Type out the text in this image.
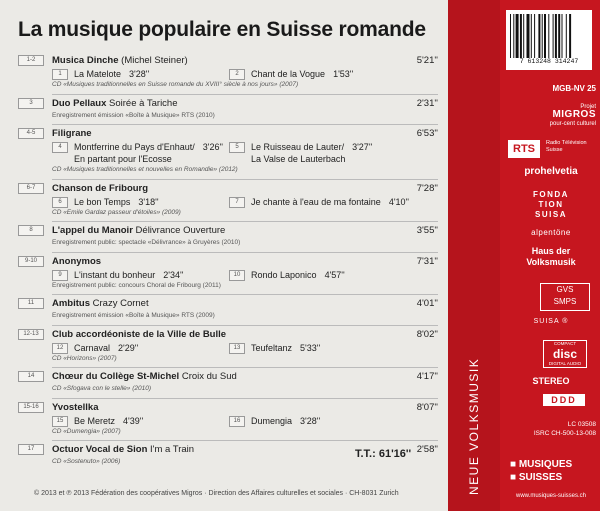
La musique populaire en Suisse romande
1-2	Musica Dinche (Michel Steiner)	5'21''
1	La Matelote 3'28''	2	Chant de la Vogue 1'53''
CD «Musiques traditionnelles en Suisse romande du XVIII° siècle à nos jours» (2007)
3	Duo Pellaux Soirée à Tariche	2'31''
Enregistrement émission «Boîte à Musique» RTS (2010)
4-5	Filigrane	6'53''
4	Montferrine du Pays d'Enhaut/ 3'26''
En partant pour l'Ecosse
5	Le Ruisseau de Lauter/ 3'27''
La Valse de Lauterbach
CD «Musiques traditionnelles et nouvelles en Romandie» (2012)
6-7	Chanson de Fribourg	7'28''
6	Le bon Temps 3'18''	7	Je chante à l'eau de ma fontaine 4'10''
CD «Emile Gardaz passeur d'étoiles» (2009)
8	L'appel du Manoir Délivrance Ouverture	3'55''
Enregistrement public: spectacle «Délivrance» à Gruyères (2010)
9-10	Anonymos	7'31''
9	L'instant du bonheur 2'34''	10	Rondo Laponico 4'57''
Enregistrement public: concours Choral de Fribourg (2011)
11	Ambitus Crazy Cornet	4'01''
Enregistrement émission «Boîte à Musique» RTS (2009)
12-13	Club accordéoniste de la Ville de Bulle	8'02''
12	Carnaval 2'29''	13	Teufeltanz 5'33''
CD «Horizons» (2007)
14	Chœur du Collège St-Michel Croix du Sud	4'17''
CD «Sfogava con le stelle» (2010)
15-16	Yvostellka	8'07''
15	Be Meretz 4'39''	16	Dumengia 3'28''
CD «Dumengia» (2007)
17	Octuor Vocal de Sion I'm a Train	2'58''
CD «Sostenuto» (2006)
T.T.: 61'16''
© 2013 et ℗ 2013 Fédération des coopératives Migros · Direction des Affaires culturelles et sociales · CH-8031 Zurich	NEUE VOLKSMUSIK
7 613248 314247
MGB-NV 25
Projet
MIGROS
pour-cent culturel
RTS	Radio Télévision
Suisse
prohelvetia
FONDA
TION
SUISA
alpentöne
Haus der
Volksmusik
GVS
SMPS
SUISA ®
COMPACT
disc
DIGITAL AUDIO
STEREO
DDD
LC 03508
ISRC CH-500-13-008
■ MUSIQUES
■ SUISSES
www.musiques-suisses.ch
